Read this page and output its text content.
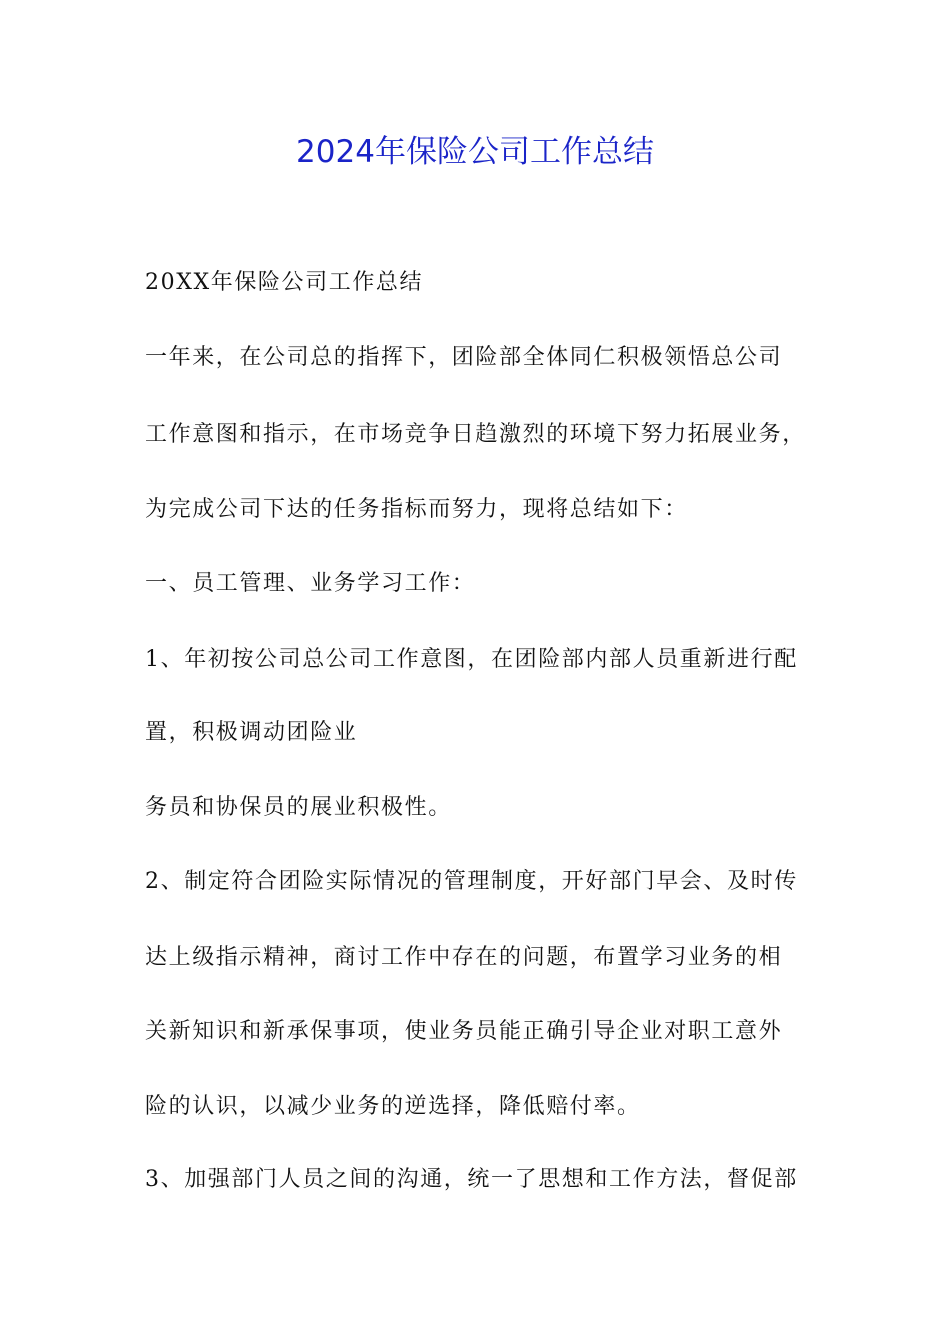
2024年保险公司工作总结

20XX年保险公司工作总结

一年来，在公司总的指挥下，团险部全体同仁积极领悟总公司

工作意图和指示，在市场竞争日趋激烈的环境下努力拓展业务，

为完成公司下达的任务指标而努力，现将总结如下：

一、员工管理、业务学习工作：

1、年初按公司总公司工作意图，在团险部内部人员重新进行配

置，积极调动团险业

务员和协保员的展业积极性。

2、制定符合团险实际情况的管理制度，开好部门早会、及时传

达上级指示精神，商讨工作中存在的问题，布置学习业务的相

关新知识和新承保事项，使业务员能正确引导企业对职工意外

险的认识，以减少业务的逆选择，降低赔付率。

3、加强部门人员之间的沟通，统一了思想和工作方法，督促部
